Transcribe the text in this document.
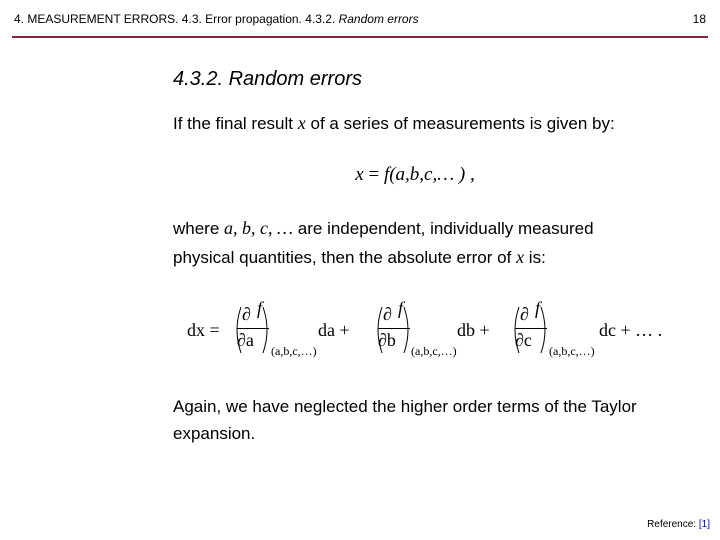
4. MEASUREMENT ERRORS. 4.3. Error propagation. 4.3.2. Random errors	18
4.3.2. Random errors
If the final result x of a series of measurements is given by:
x = f(a,b,c,… ) ,
where a, b, c, … are independent, individually measured
physical quantities, then the absolute error of x is:
dx =
∂ f
∂a
(a,b,c,…)
da +
∂ f
∂b
(a,b,c,…)
db +
∂ f
∂c
(a,b,c,…)
dc + … .
Again, we have neglected the higher order terms of the Taylor expansion.
Reference: [1]
